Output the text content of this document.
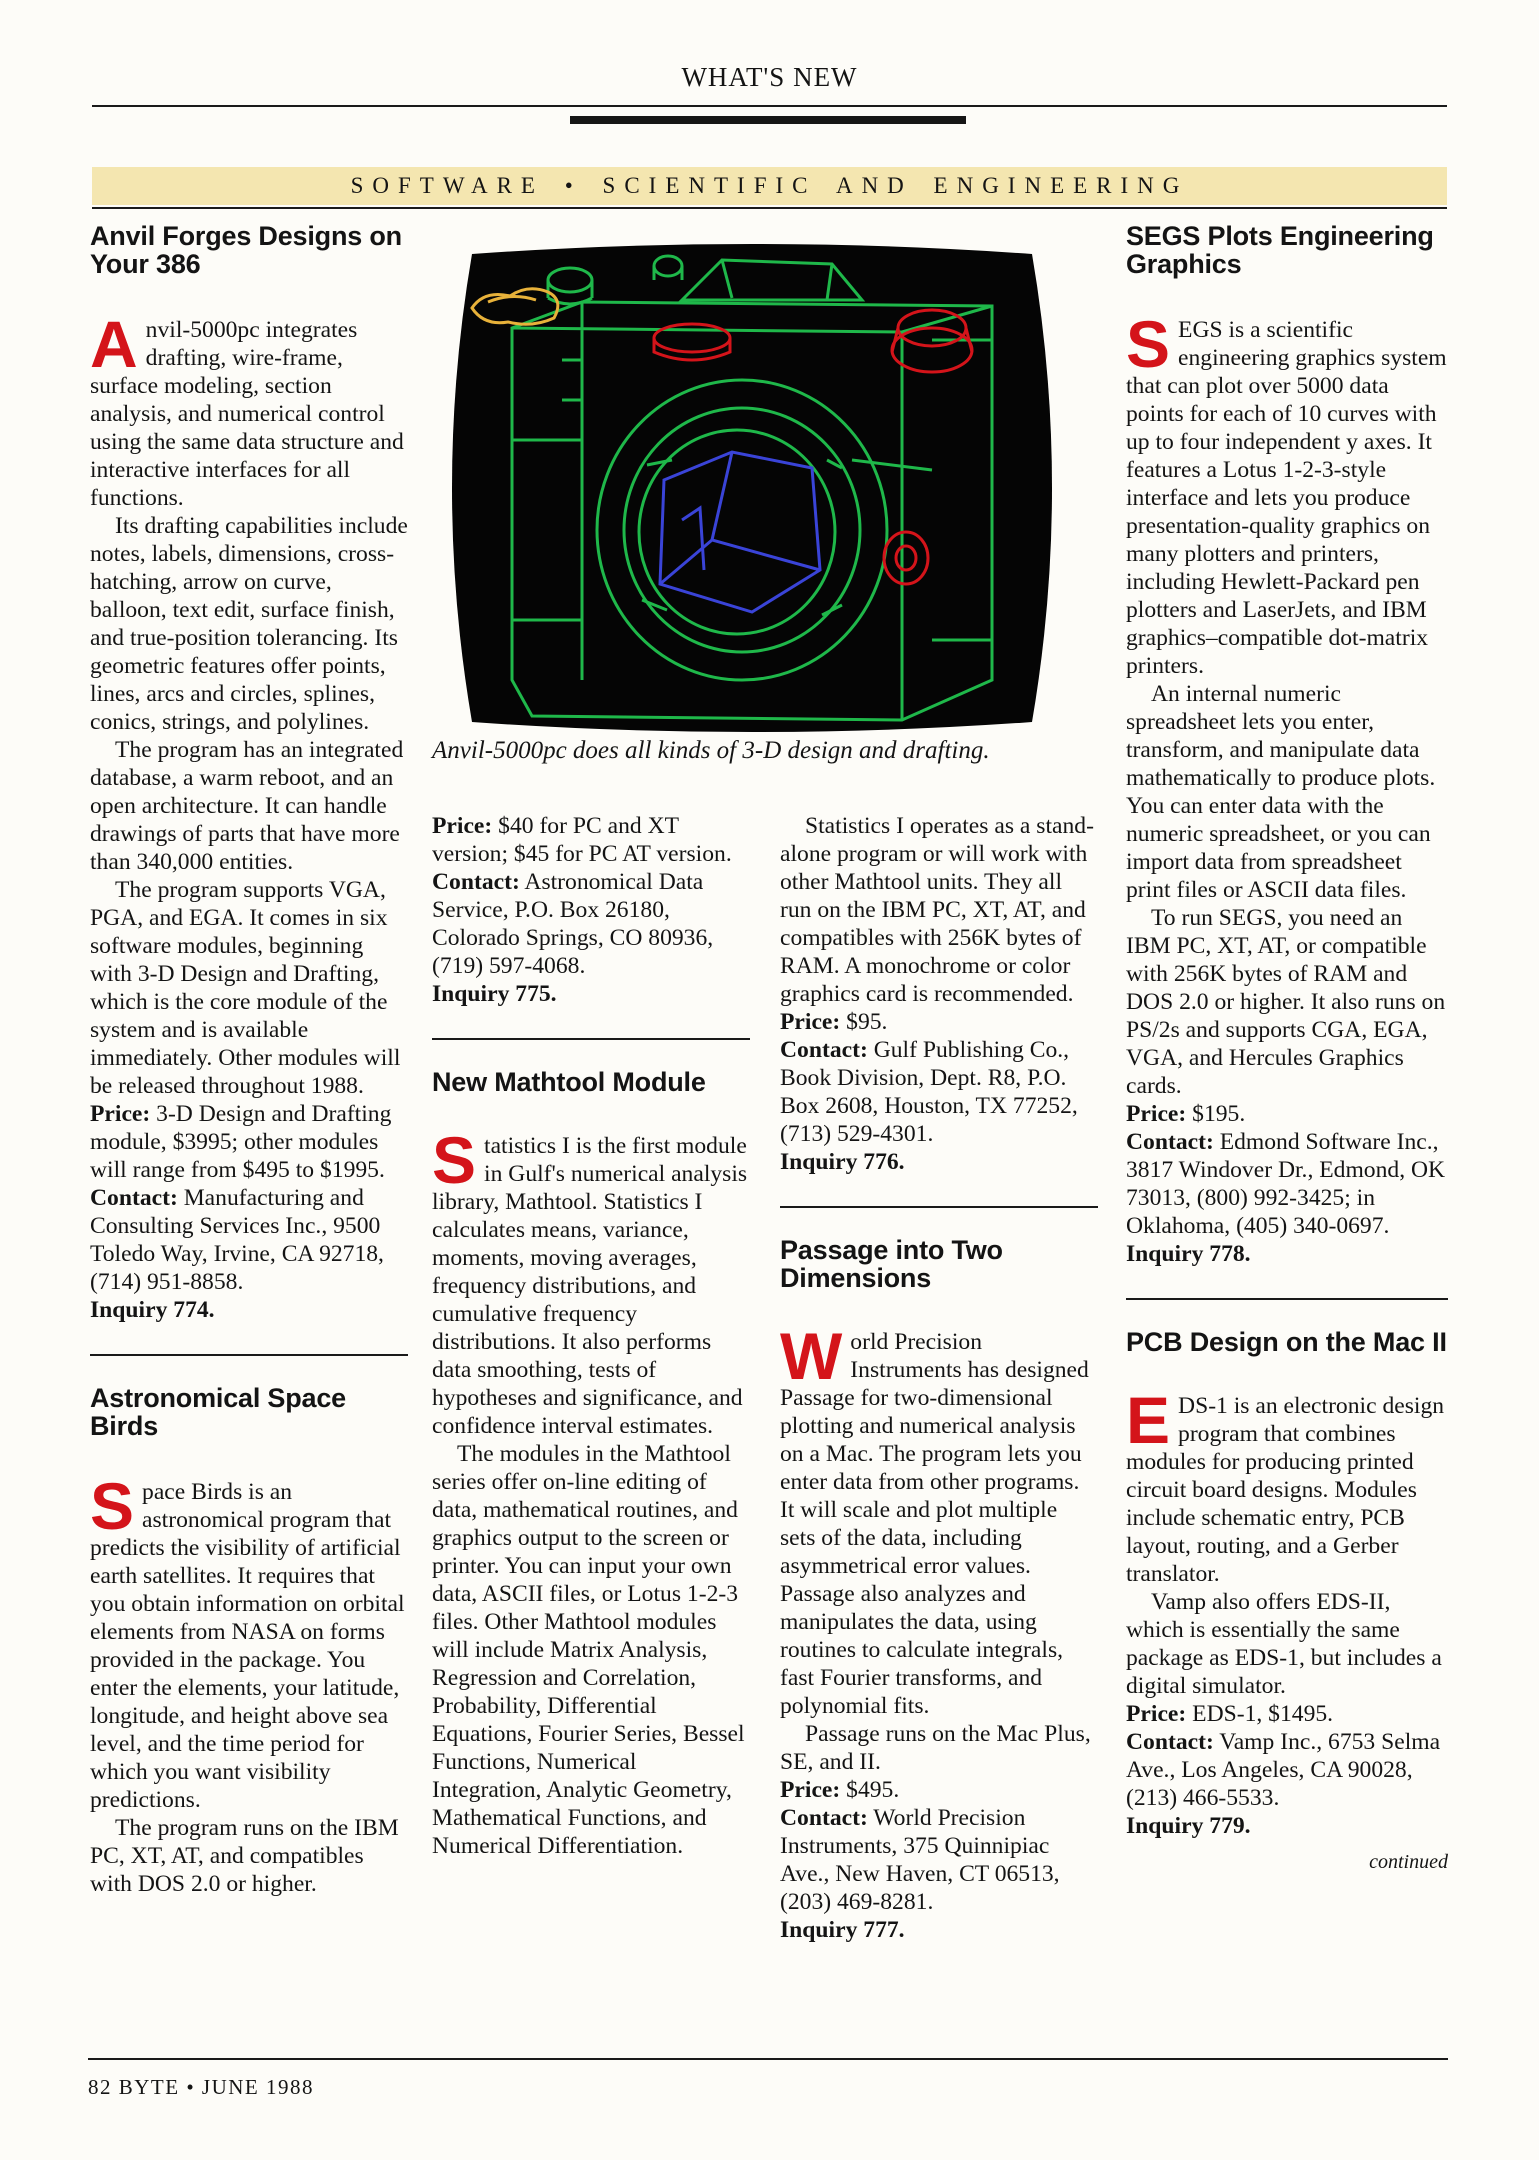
WHAT'S NEW
SOFTWARE • SCIENTIFIC AND ENGINEERING
Anvil Forges Designs on Your 386

Anvil-5000pc integrates drafting, wire-frame, surface modeling, section analysis, and numerical control using the same data structure and interactive interfaces for all functions.

Its drafting capabilities include notes, labels, dimensions, cross-hatching, arrow on curve, balloon, text edit, surface finish, and true-position tolerancing. Its geometric features offer points, lines, arcs and circles, splines, conics, strings, and polylines.

The program has an integrated database, a warm reboot, and an open architecture. It can handle drawings of parts that have more than 340,000 entities.

The program supports VGA, PGA, and EGA. It comes in six software modules, beginning with 3-D Design and Drafting, which is the core module of the system and is available immediately. Other modules will be released throughout 1988.

Price: 3-D Design and Drafting module, $3995; other modules will range from $495 to $1995.

Contact: Manufacturing and Consulting Services Inc., 9500 Toledo Way, Irvine, CA 92718, (714) 951-8858.

Inquiry 774.

Astronomical Space Birds

Space Birds is an astronomical program that predicts the visibility of artificial earth satellites. It requires that you obtain information on orbital elements from NASA on forms provided in the package. You enter the elements, your latitude, longitude, and height above sea level, and the time period for which you want visibility predictions.

The program runs on the IBM PC, XT, AT, and compatibles with DOS 2.0 or higher.

Anvil-5000pc does all kinds of 3-D design and drafting.

Price: $40 for PC and XT version; $45 for PC AT version.

Contact: Astronomical Data Service, P.O. Box 26180, Colorado Springs, CO 80936, (719) 597-4068.

Inquiry 775.

New Mathtool Module

Statistics I is the first module in Gulf's numerical analysis library, Mathtool. Statistics I calculates means, variance, moments, moving averages, frequency distributions, and cumulative frequency distributions. It also performs data smoothing, tests of hypotheses and significance, and confidence interval estimates.

The modules in the Mathtool series offer on-line editing of data, mathematical routines, and graphics output to the screen or printer. You can input your own data, ASCII files, or Lotus 1-2-3 files. Other Mathtool modules will include Matrix Analysis, Regression and Correlation, Probability, Differential Equations, Fourier Series, Bessel Functions, Numerical Integration, Analytic Geometry, Mathematical Functions, and Numerical Differentiation.

Statistics I operates as a stand-alone program or will work with other Mathtool units. They all run on the IBM PC, XT, AT, and compatibles with 256K bytes of RAM. A monochrome or color graphics card is recommended.

Price: $95.

Contact: Gulf Publishing Co., Book Division, Dept. R8, P.O. Box 2608, Houston, TX 77252, (713) 529-4301.

Inquiry 776.

Passage into Two Dimensions

World Precision Instruments has designed Passage for two-dimensional plotting and numerical analysis on a Mac. The program lets you enter data from other programs. It will scale and plot multiple sets of the data, including asymmetrical error values. Passage also analyzes and manipulates the data, using routines to calculate integrals, fast Fourier transforms, and polynomial fits.

Passage runs on the Mac Plus, SE, and II.

Price: $495.

Contact: World Precision Instruments, 375 Quinnipiac Ave., New Haven, CT 06513, (203) 469-8281.

Inquiry 777.

SEGS Plots Engineering Graphics

SEGS is a scientific engineering graphics system that can plot over 5000 data points for each of 10 curves with up to four independent y axes. It features a Lotus 1-2-3-style interface and lets you produce presentation-quality graphics on many plotters and printers, including Hewlett-Packard pen plotters and LaserJets, and IBM graphics–compatible dot-matrix printers.

An internal numeric spreadsheet lets you enter, transform, and manipulate data mathematically to produce plots. You can enter data with the numeric spreadsheet, or you can import data from spreadsheet print files or ASCII data files.

To run SEGS, you need an IBM PC, XT, AT, or compatible with 256K bytes of RAM and DOS 2.0 or higher. It also runs on PS/2s and supports CGA, EGA, VGA, and Hercules Graphics cards.

Price: $195.

Contact: Edmond Software Inc., 3817 Windover Dr., Edmond, OK 73013, (800) 992-3425; in Oklahoma, (405) 340-0697.

Inquiry 778.

PCB Design on the Mac II

EDS-1 is an electronic design program that combines modules for producing printed circuit board designs. Modules include schematic entry, PCB layout, routing, and a Gerber translator.

Vamp also offers EDS-II, which is essentially the same package as EDS-1, but includes a digital simulator.

Price: EDS-1, $1495.

Contact: Vamp Inc., 6753 Selma Ave., Los Angeles, CA 90028, (213) 466-5533.

Inquiry 779.

continued
82 BYTE • JUNE 1988
